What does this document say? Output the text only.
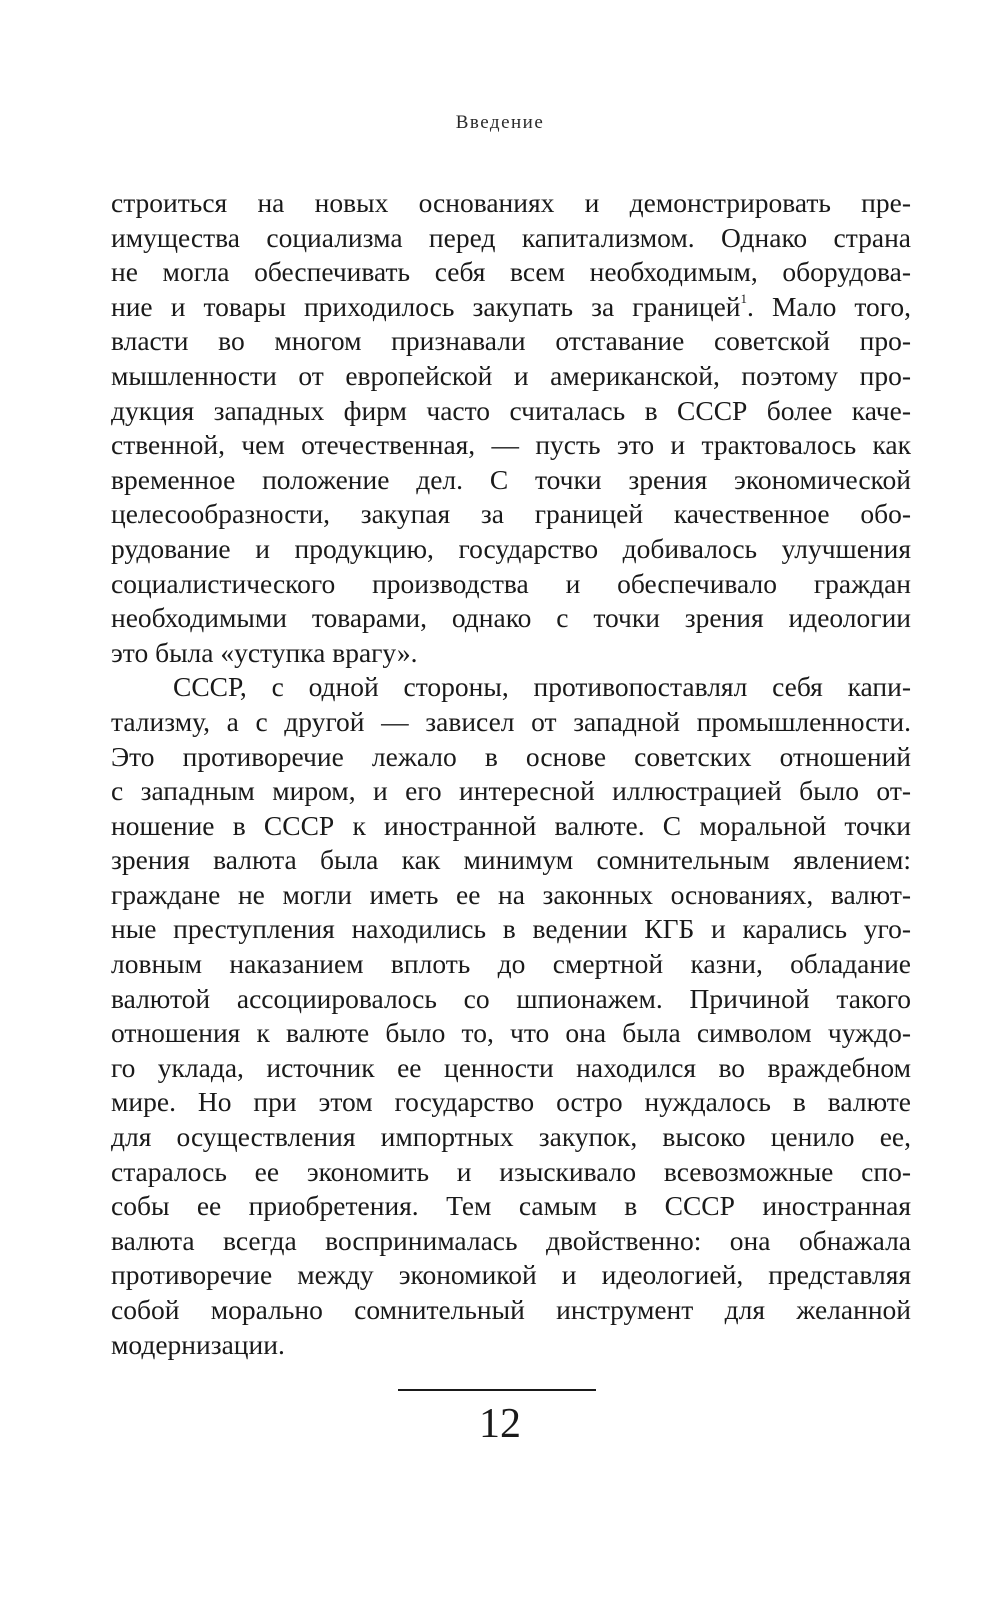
Введение
строиться на новых основаниях и демонстрировать пре-
имущества социализма перед капитализмом. Однако страна
не могла обеспечивать себя всем необходимым, оборудова-
ние и товары приходилось закупать за границей$^1$. Мало того,
власти во многом признавали отставание советской про-
мышленности от европейской и американской, поэтому про-
дукция западных фирм часто считалась в СССР более каче-
ственной, чем отечественная, — пусть это и трактовалось как
временное положение дел. С точки зрения экономической
целесообразности, закупая за границей качественное обо-
рудование и продукцию, государство добивалось улучшения
социалистического производства и обеспечивало граждан
необходимыми товарами, однако с точки зрения идеологии
это была «уступка врагу».
СССР, с одной стороны, противопоставлял себя капи-
тализму, а с другой — зависел от западной промышленности.
Это противоречие лежало в основе советских отношений
с западным миром, и его интересной иллюстрацией было от-
ношение в СССР к иностранной валюте. С моральной точки
зрения валюта была как минимум сомнительным явлением:
граждане не могли иметь ее на законных основаниях, валют-
ные преступления находились в ведении КГБ и карались уго-
ловным наказанием вплоть до смертной казни, обладание
валютой ассоциировалось со шпионажем. Причиной такого
отношения к валюте было то, что она была символом чуждо-
го уклада, источник ее ценности находился во враждебном
мире. Но при этом государство остро нуждалось в валюте
для осуществления импортных закупок, высоко ценило ее,
старалось ее экономить и изыскивало всевозможные спо-
собы ее приобретения. Тем самым в СССР иностранная
валюта всегда воспринималась двойственно: она обнажала
противоречие между экономикой и идеологией, представляя
собой морально сомнительный инструмент для желанной
модернизации.
12
